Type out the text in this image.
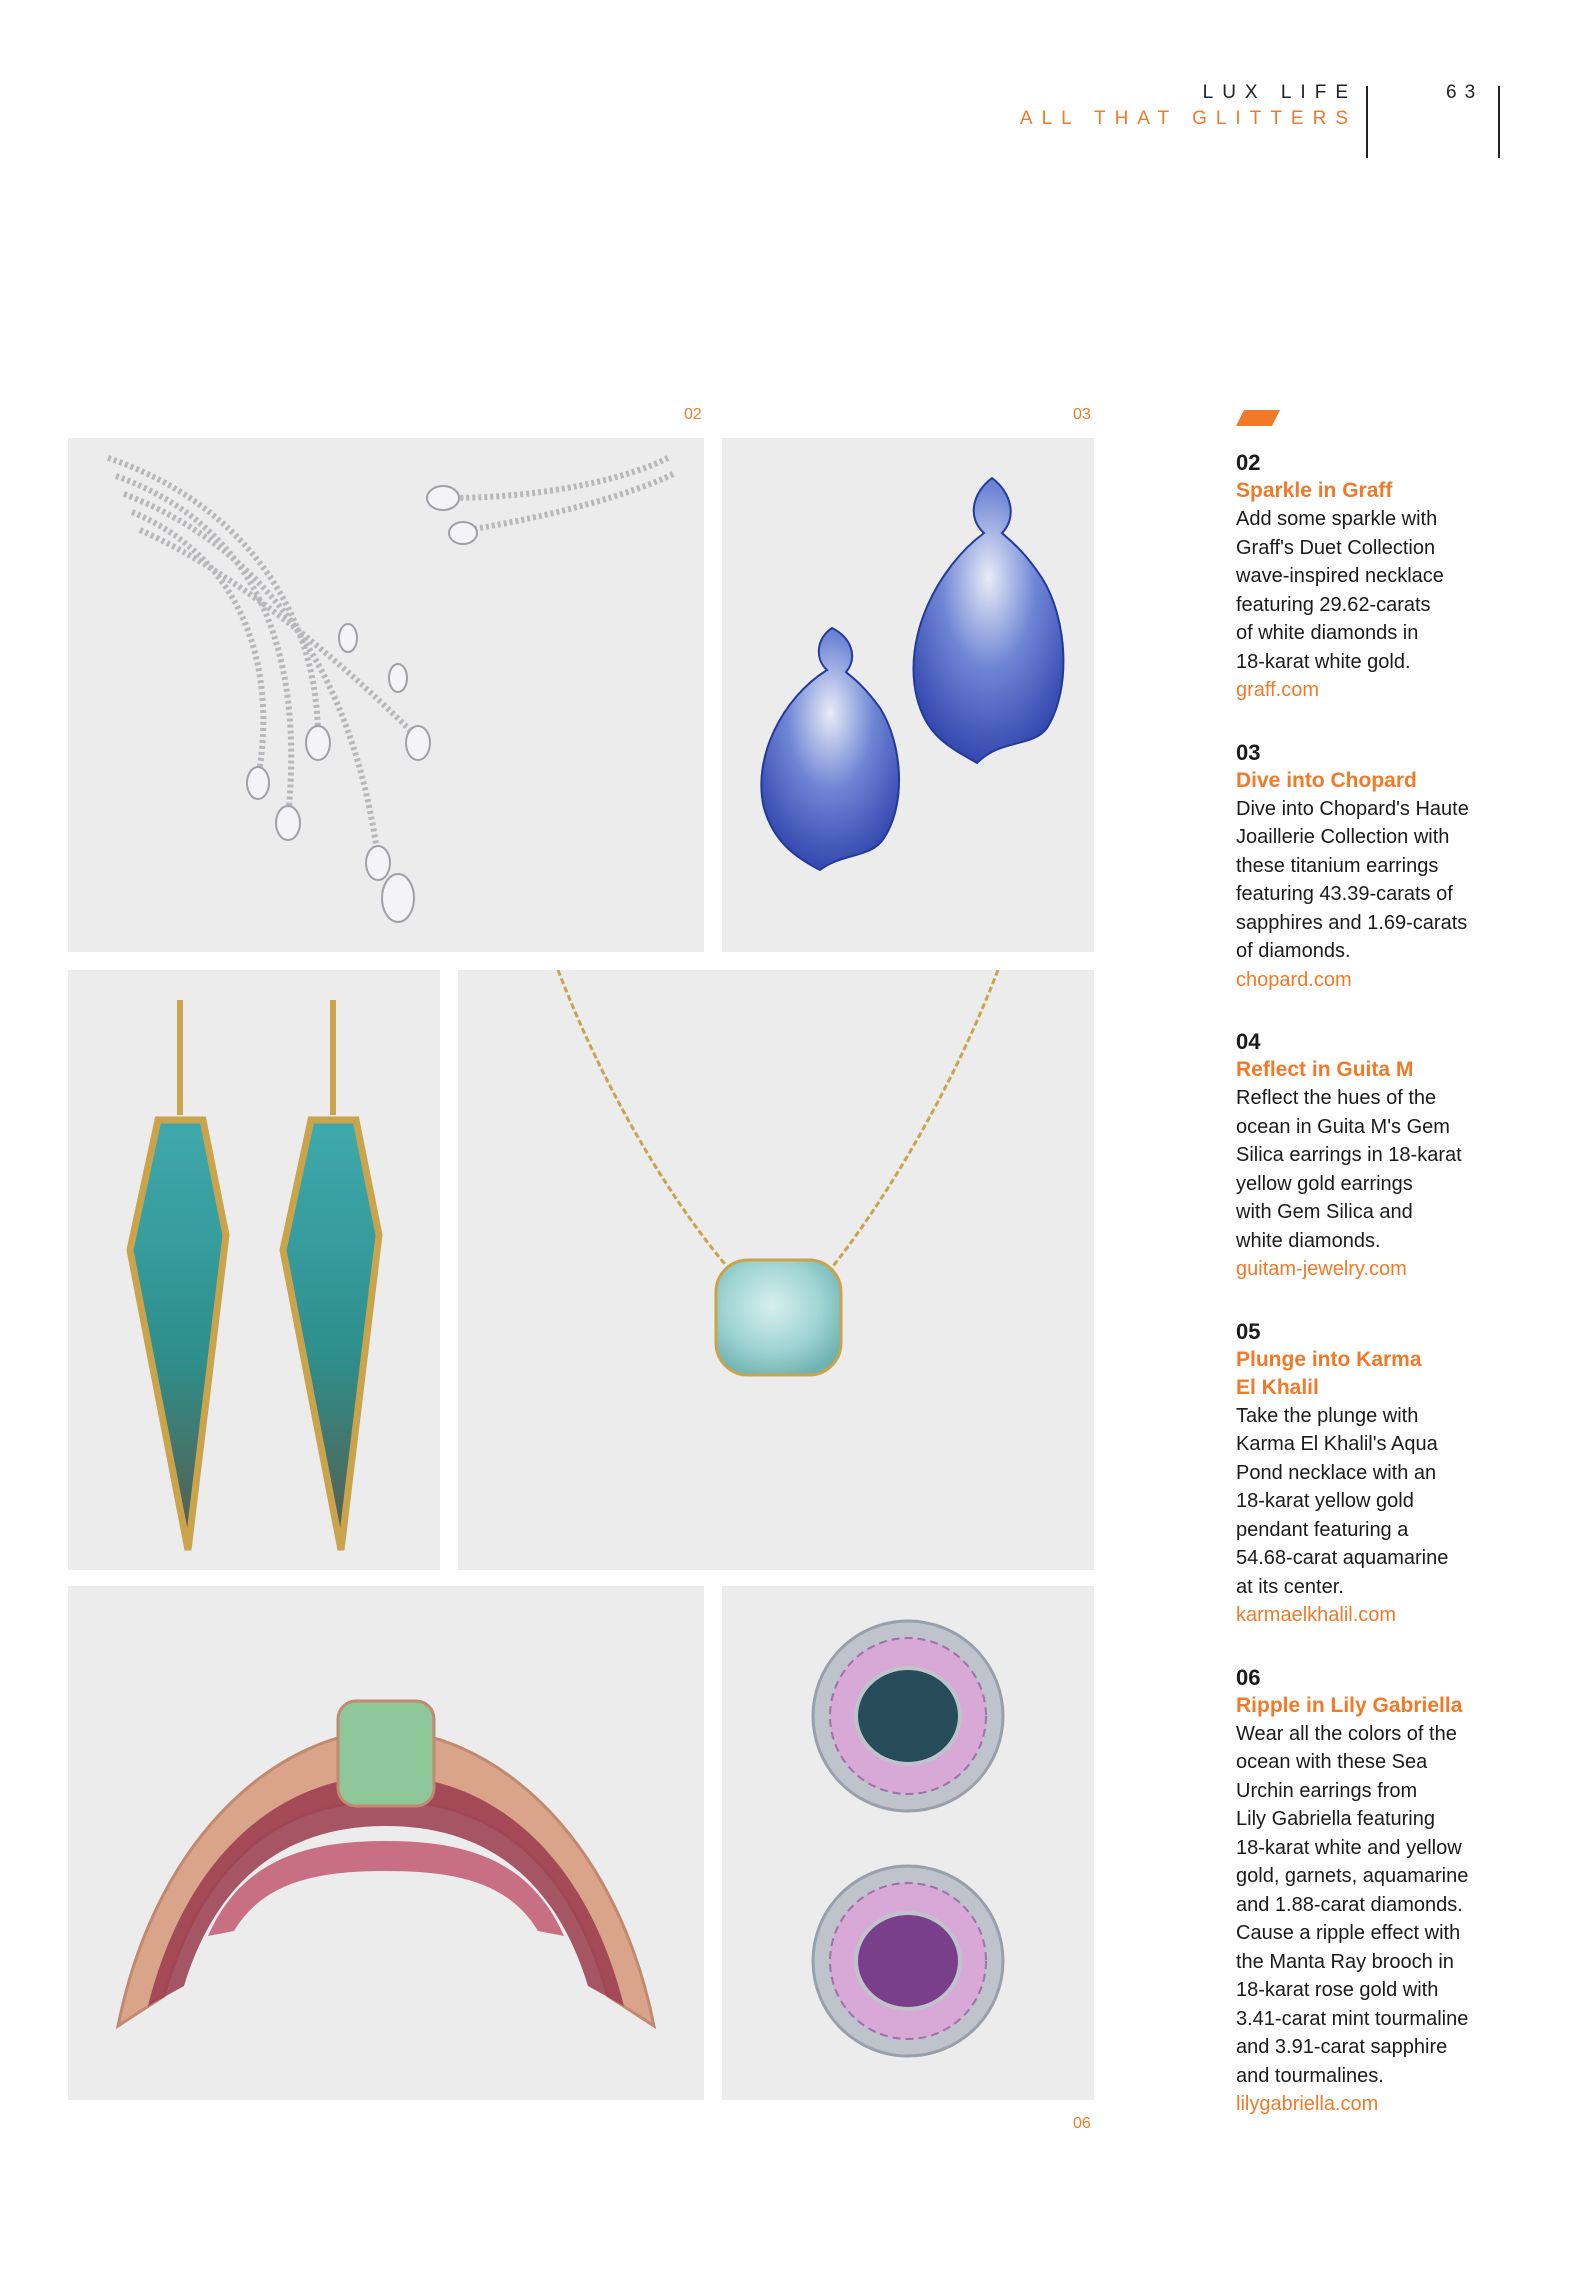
LUX LIFE
ALL THAT GLITTERS
63
02	03
06
02
Sparkle in Graff
Add some sparkle with
Graff's Duet Collection
wave-inspired necklace
featuring 29.62-carats
of white diamonds in
18-karat white gold.
graff.com
03
Dive into Chopard
Dive into Chopard's Haute
Joaillerie Collection with
these titanium earrings
featuring 43.39-carats of
sapphires and 1.69-carats
of diamonds.
chopard.com
04
Reflect in Guita M
Reflect the hues of the
ocean in Guita M's Gem
Silica earrings in 18-karat
yellow gold earrings
with Gem Silica and
white diamonds.
guitam-jewelry.com
05
Plunge into Karma
El Khalil
Take the plunge with
Karma El Khalil's Aqua
Pond necklace with an
18-karat yellow gold
pendant featuring a
54.68-carat aquamarine
at its center.
karmaelkhalil.com
06
Ripple in Lily Gabriella
Wear all the colors of the
ocean with these Sea
Urchin earrings from
Lily Gabriella featuring
18-karat white and yellow
gold, garnets, aquamarine
and 1.88-carat diamonds.
Cause a ripple effect with
the Manta Ray brooch in
18-karat rose gold with
3.41-carat mint tourmaline
and 3.91-carat sapphire
and tourmalines.
lilygabriella.com
